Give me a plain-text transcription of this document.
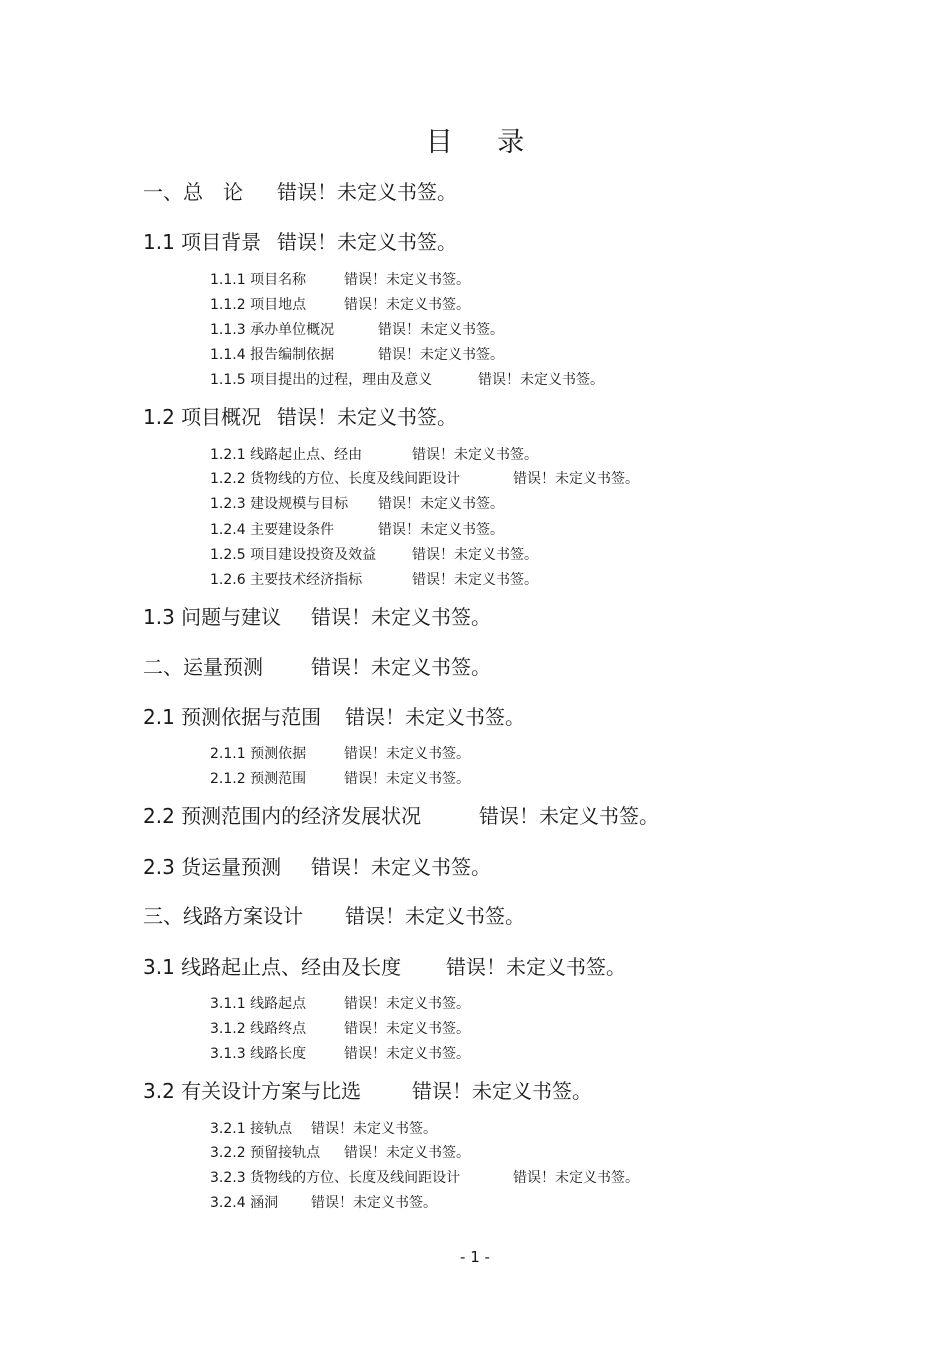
目 录
一、总　论 错误！未定义书签。
1.1 项目背景 错误！未定义书签。
1.1.1 项目名称	错误！未定义书签。
1.1.2 项目地点	错误！未定义书签。
1.1.3 承办单位概况	错误！未定义书签。
1.1.4 报告编制依据	错误！未定义书签。
1.1.5 项目提出的过程，理由及意义	错误！未定义书签。
1.2 项目概况 错误！未定义书签。
1.2.1 线路起止点、经由	错误！未定义书签。
1.2.2 货物线的方位、长度及线间距设计	错误！未定义书签。
1.2.3 建设规模与目标 错误！未定义书签。
1.2.4 主要建设条件	错误！未定义书签。
1.2.5 项目建设投资及效益	错误！未定义书签。
1.2.6 主要技术经济指标	错误！未定义书签。
1.3 问题与建议 错误！未定义书签。
二、运量预测 错误！未定义书签。
2.1 预测依据与范围 错误！未定义书签。
2.1.1 预测依据	错误！未定义书签。
2.1.2 预测范围	错误！未定义书签。
2.2 预测范围内的经济发展状况	错误！未定义书签。
2.3 货运量预测 错误！未定义书签。
三、线路方案设计 错误！未定义书签。
3.1 线路起止点、经由及长度 错误！未定义书签。
3.1.1 线路起点	错误！未定义书签。
3.1.2 线路终点	错误！未定义书签。
3.1.3 线路长度	错误！未定义书签。
3.2 有关设计方案与比选	错误！未定义书签。
3.2.1 接轨点 错误！未定义书签。
3.2.2 预留接轨点 错误！未定义书签。
3.2.3 货物线的方位、长度及线间距设计	错误！未定义书签。
3.2.4 涵洞 错误！未定义书签。
- 1 -
